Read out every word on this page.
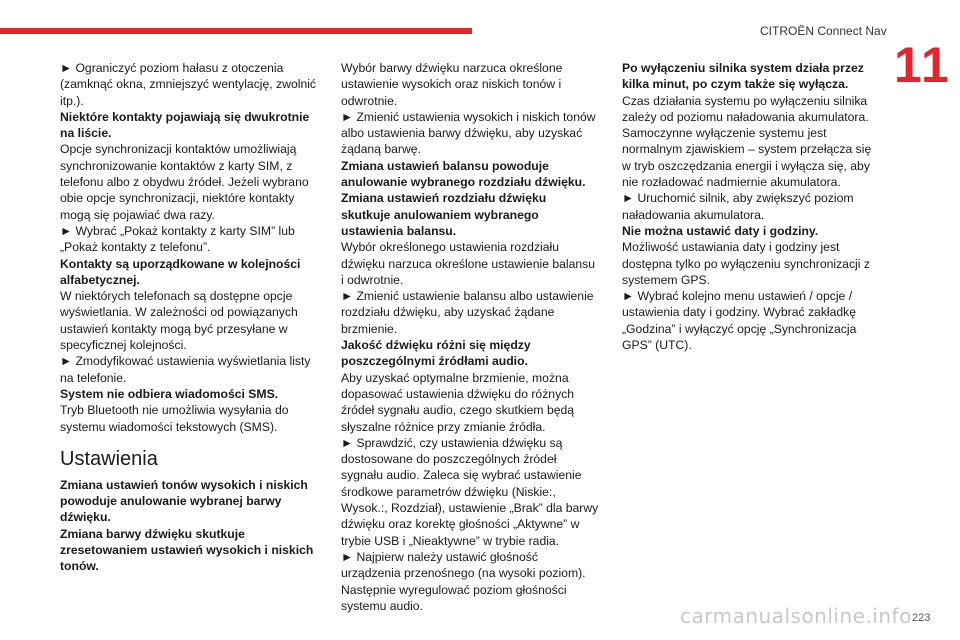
CITROËN Connect Nav
11

► Ograniczyć poziom hałasu z otoczenia (zamknąć okna, zmniejszyć wentylację, zwolnić itp.).

Niektóre kontakty pojawiają się dwukrotnie na liście.

Opcje synchronizacji kontaktów umożliwiają synchronizowanie kontaktów z karty SIM, z telefonu albo z obydwu źródeł. Jeżeli wybrano obie opcje synchronizacji, niektóre kontakty mogą się pojawiać dwa razy.

► Wybrać „Pokaż kontakty z karty SIM” lub „Pokaż kontakty z telefonu”.

Kontakty są uporządkowane w kolejności alfabetycznej.

W niektórych telefonach są dostępne opcje wyświetlania. W zależności od powiązanych ustawień kontakty mogą być przesyłane w specyficznej kolejności.

► Zmodyfikować ustawienia wyświetlania listy na telefonie.

System nie odbiera wiadomości SMS.

Tryb Bluetooth nie umożliwia wysyłania do systemu wiadomości tekstowych (SMS).

Ustawienia

Zmiana ustawień tonów wysokich i niskich powoduje anulowanie wybranej barwy dźwięku.

Zmiana barwy dźwięku skutkuje zresetowaniem ustawień wysokich i niskich tonów.

Wybór barwy dźwięku narzuca określone ustawienie wysokich oraz niskich tonów i odwrotnie.

► Zmienić ustawienia wysokich i niskich tonów albo ustawienia barwy dźwięku, aby uzyskać żądaną barwę.

Zmiana ustawień balansu powoduje anulowanie wybranego rozdziału dźwięku.

Zmiana ustawień rozdziału dźwięku skutkuje anulowaniem wybranego ustawienia balansu.

Wybór określonego ustawienia rozdziału dźwięku narzuca określone ustawienie balansu i odwrotnie.

► Zmienić ustawienie balansu albo ustawienie rozdziału dźwięku, aby uzyskać żądane brzmienie.

Jakość dźwięku różni się między poszczególnymi źródłami audio.

Aby uzyskać optymalne brzmienie, można dopasować ustawienia dźwięku do różnych źródeł sygnału audio, czego skutkiem będą słyszalne różnice przy zmianie źródła.

► Sprawdzić, czy ustawienia dźwięku są dostosowane do poszczególnych źródeł sygnału audio. Zaleca się wybrać ustawienie środkowe parametrów dźwięku (Niskie:, Wysok.:, Rozdział), ustawienie „Brak” dla barwy dźwięku oraz korektę głośności „Aktywne” w trybie USB i „Nieaktywne” w trybie radia.

► Najpierw należy ustawić głośność urządzenia przenośnego (na wysoki poziom). Następnie wyregulować poziom głośności systemu audio.

Po wyłączeniu silnika system działa przez kilka minut, po czym także się wyłącza.

Czas działania systemu po wyłączeniu silnika zależy od poziomu naładowania akumulatora.

Samoczynne wyłączenie systemu jest normalnym zjawiskiem – system przełącza się w tryb oszczędzania energii i wyłącza się, aby nie rozładować nadmiernie akumulatora.

► Uruchomić silnik, aby zwiększyć poziom naładowania akumulatora.

Nie można ustawić daty i godziny.

Możliwość ustawiania daty i godziny jest dostępna tylko po wyłączeniu synchronizacji z systemem GPS.

► Wybrać kolejno menu ustawień / opcje / ustawienia daty i godziny. Wybrać zakładkę „Godzina” i wyłączyć opcję „Synchronizacja GPS” (UTC).

carmanualsonline.info 223
